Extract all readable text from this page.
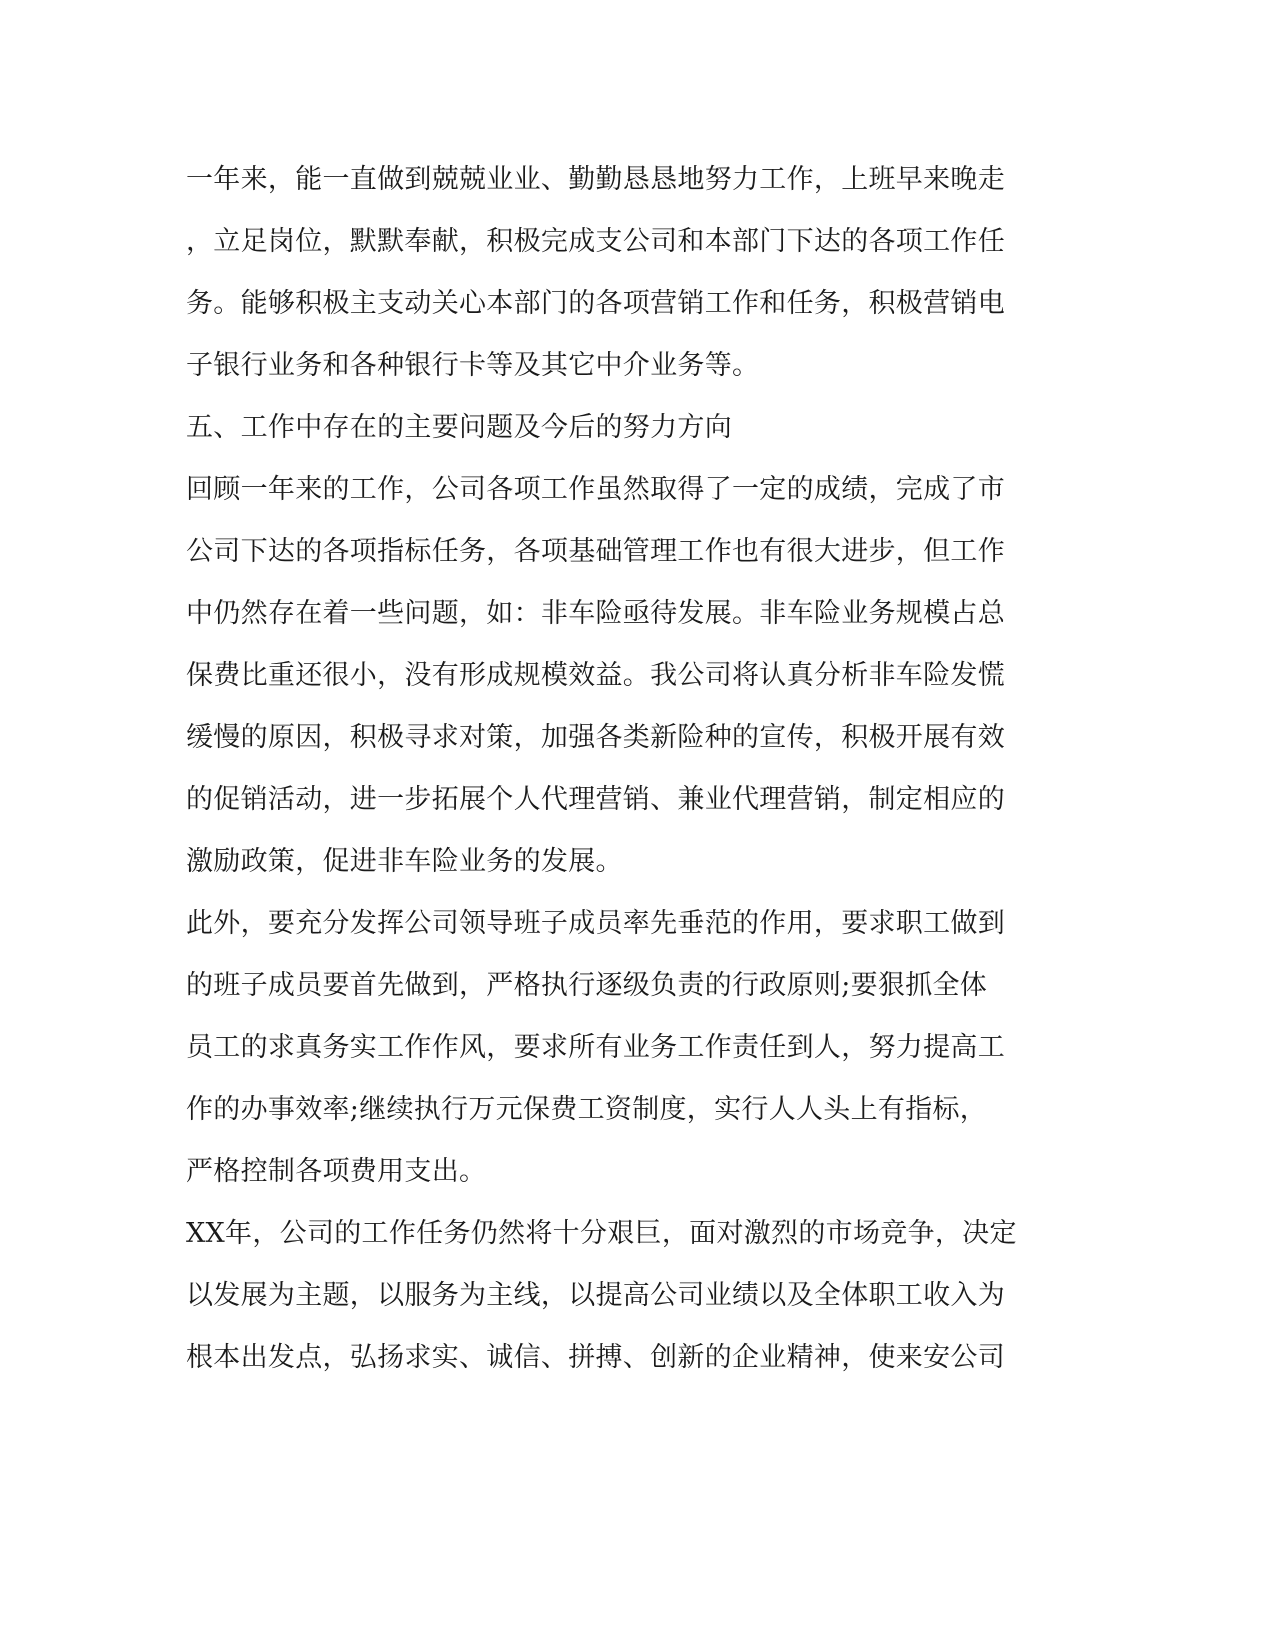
一年来，能一直做到兢兢业业、勤勤恳恳地努力工作，上班早来晚走
，立足岗位，默默奉献，积极完成支公司和本部门下达的各项工作任
务。能够积极主支动关心本部门的各项营销工作和任务，积极营销电
子银行业务和各种银行卡等及其它中介业务等。
五、工作中存在的主要问题及今后的努力方向
回顾一年来的工作，公司各项工作虽然取得了一定的成绩，完成了市
公司下达的各项指标任务，各项基础管理工作也有很大进步，但工作
中仍然存在着一些问题，如：非车险亟待发展。非车险业务规模占总
保费比重还很小，没有形成规模效益。我公司将认真分析非车险发慌
缓慢的原因，积极寻求对策，加强各类新险种的宣传，积极开展有效
的促销活动，进一步拓展个人代理营销、兼业代理营销，制定相应的
激励政策，促进非车险业务的发展。
此外，要充分发挥公司领导班子成员率先垂范的作用，要求职工做到
的班子成员要首先做到，严格执行逐级负责的行政原则;要狠抓全体
员工的求真务实工作作风，要求所有业务工作责任到人，努力提高工
作的办事效率;继续执行万元保费工资制度，实行人人头上有指标，
严格控制各项费用支出。
XX年，公司的工作任务仍然将十分艰巨，面对激烈的市场竞争，决定
以发展为主题，以服务为主线，以提高公司业绩以及全体职工收入为
根本出发点，弘扬求实、诚信、拼搏、创新的企业精神，使来安公司
